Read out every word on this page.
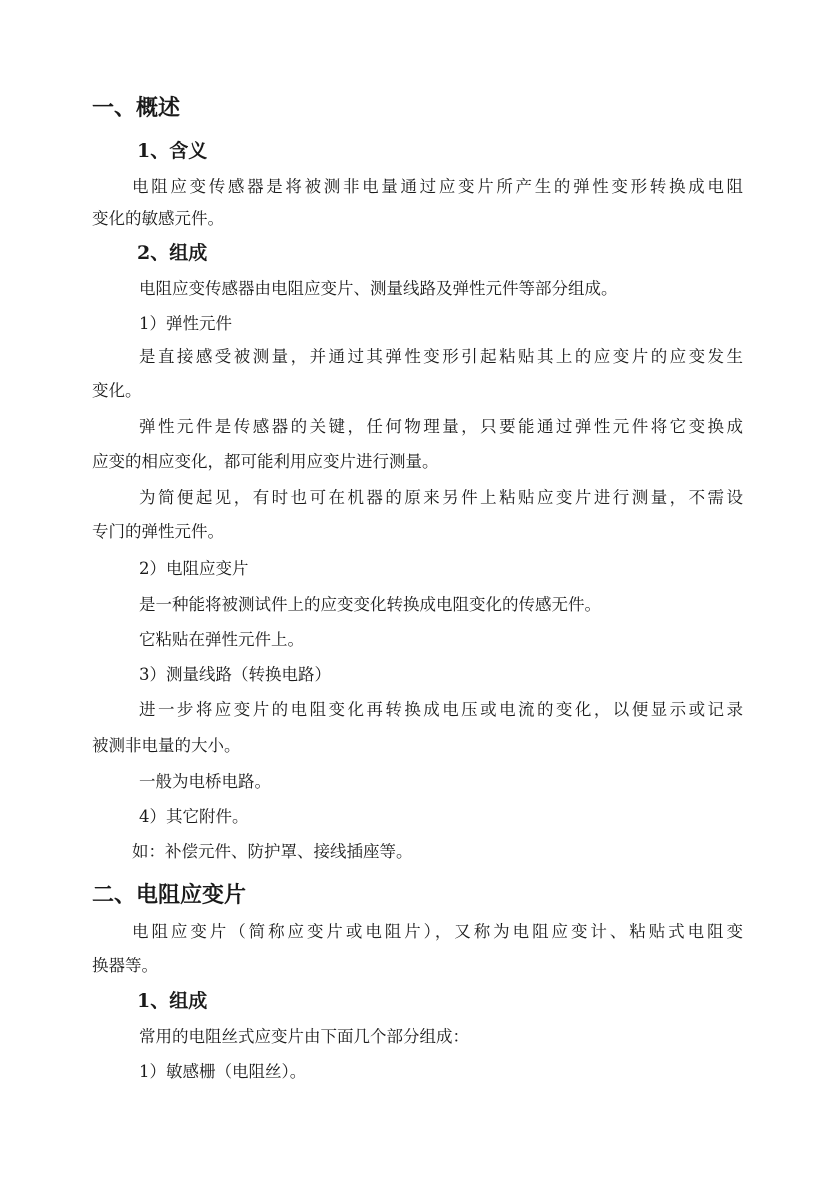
一、概述
1、含义
电阻应变传感器是将被测非电量通过应变片所产生的弹性变形转换成电阻
变化的敏感元件。
2、组成
电阻应变传感器由电阻应变片、测量线路及弹性元件等部分组成。
1）弹性元件
是直接感受被测量，并通过其弹性变形引起粘贴其上的应变片的应变发生
变化。
弹性元件是传感器的关键，任何物理量，只要能通过弹性元件将它变换成
应变的相应变化，都可能利用应变片进行测量。
为简便起见，有时也可在机器的原来另件上粘贴应变片进行测量，不需设
专门的弹性元件。
2）电阻应变片
是一种能将被测试件上的应变变化转换成电阻变化的传感无件。
它粘贴在弹性元件上。
3）测量线路（转换电路）
进一步将应变片的电阻变化再转换成电压或电流的变化，以便显示或记录
被测非电量的大小。
一般为电桥电路。
4）其它附件。
如：补偿元件、防护罩、接线插座等。
二、电阻应变片
电阻应变片（简称应变片或电阻片），又称为电阻应变计、粘贴式电阻变
换器等。
1、组成
常用的电阻丝式应变片由下面几个部分组成：
1）敏感栅（电阻丝）。
